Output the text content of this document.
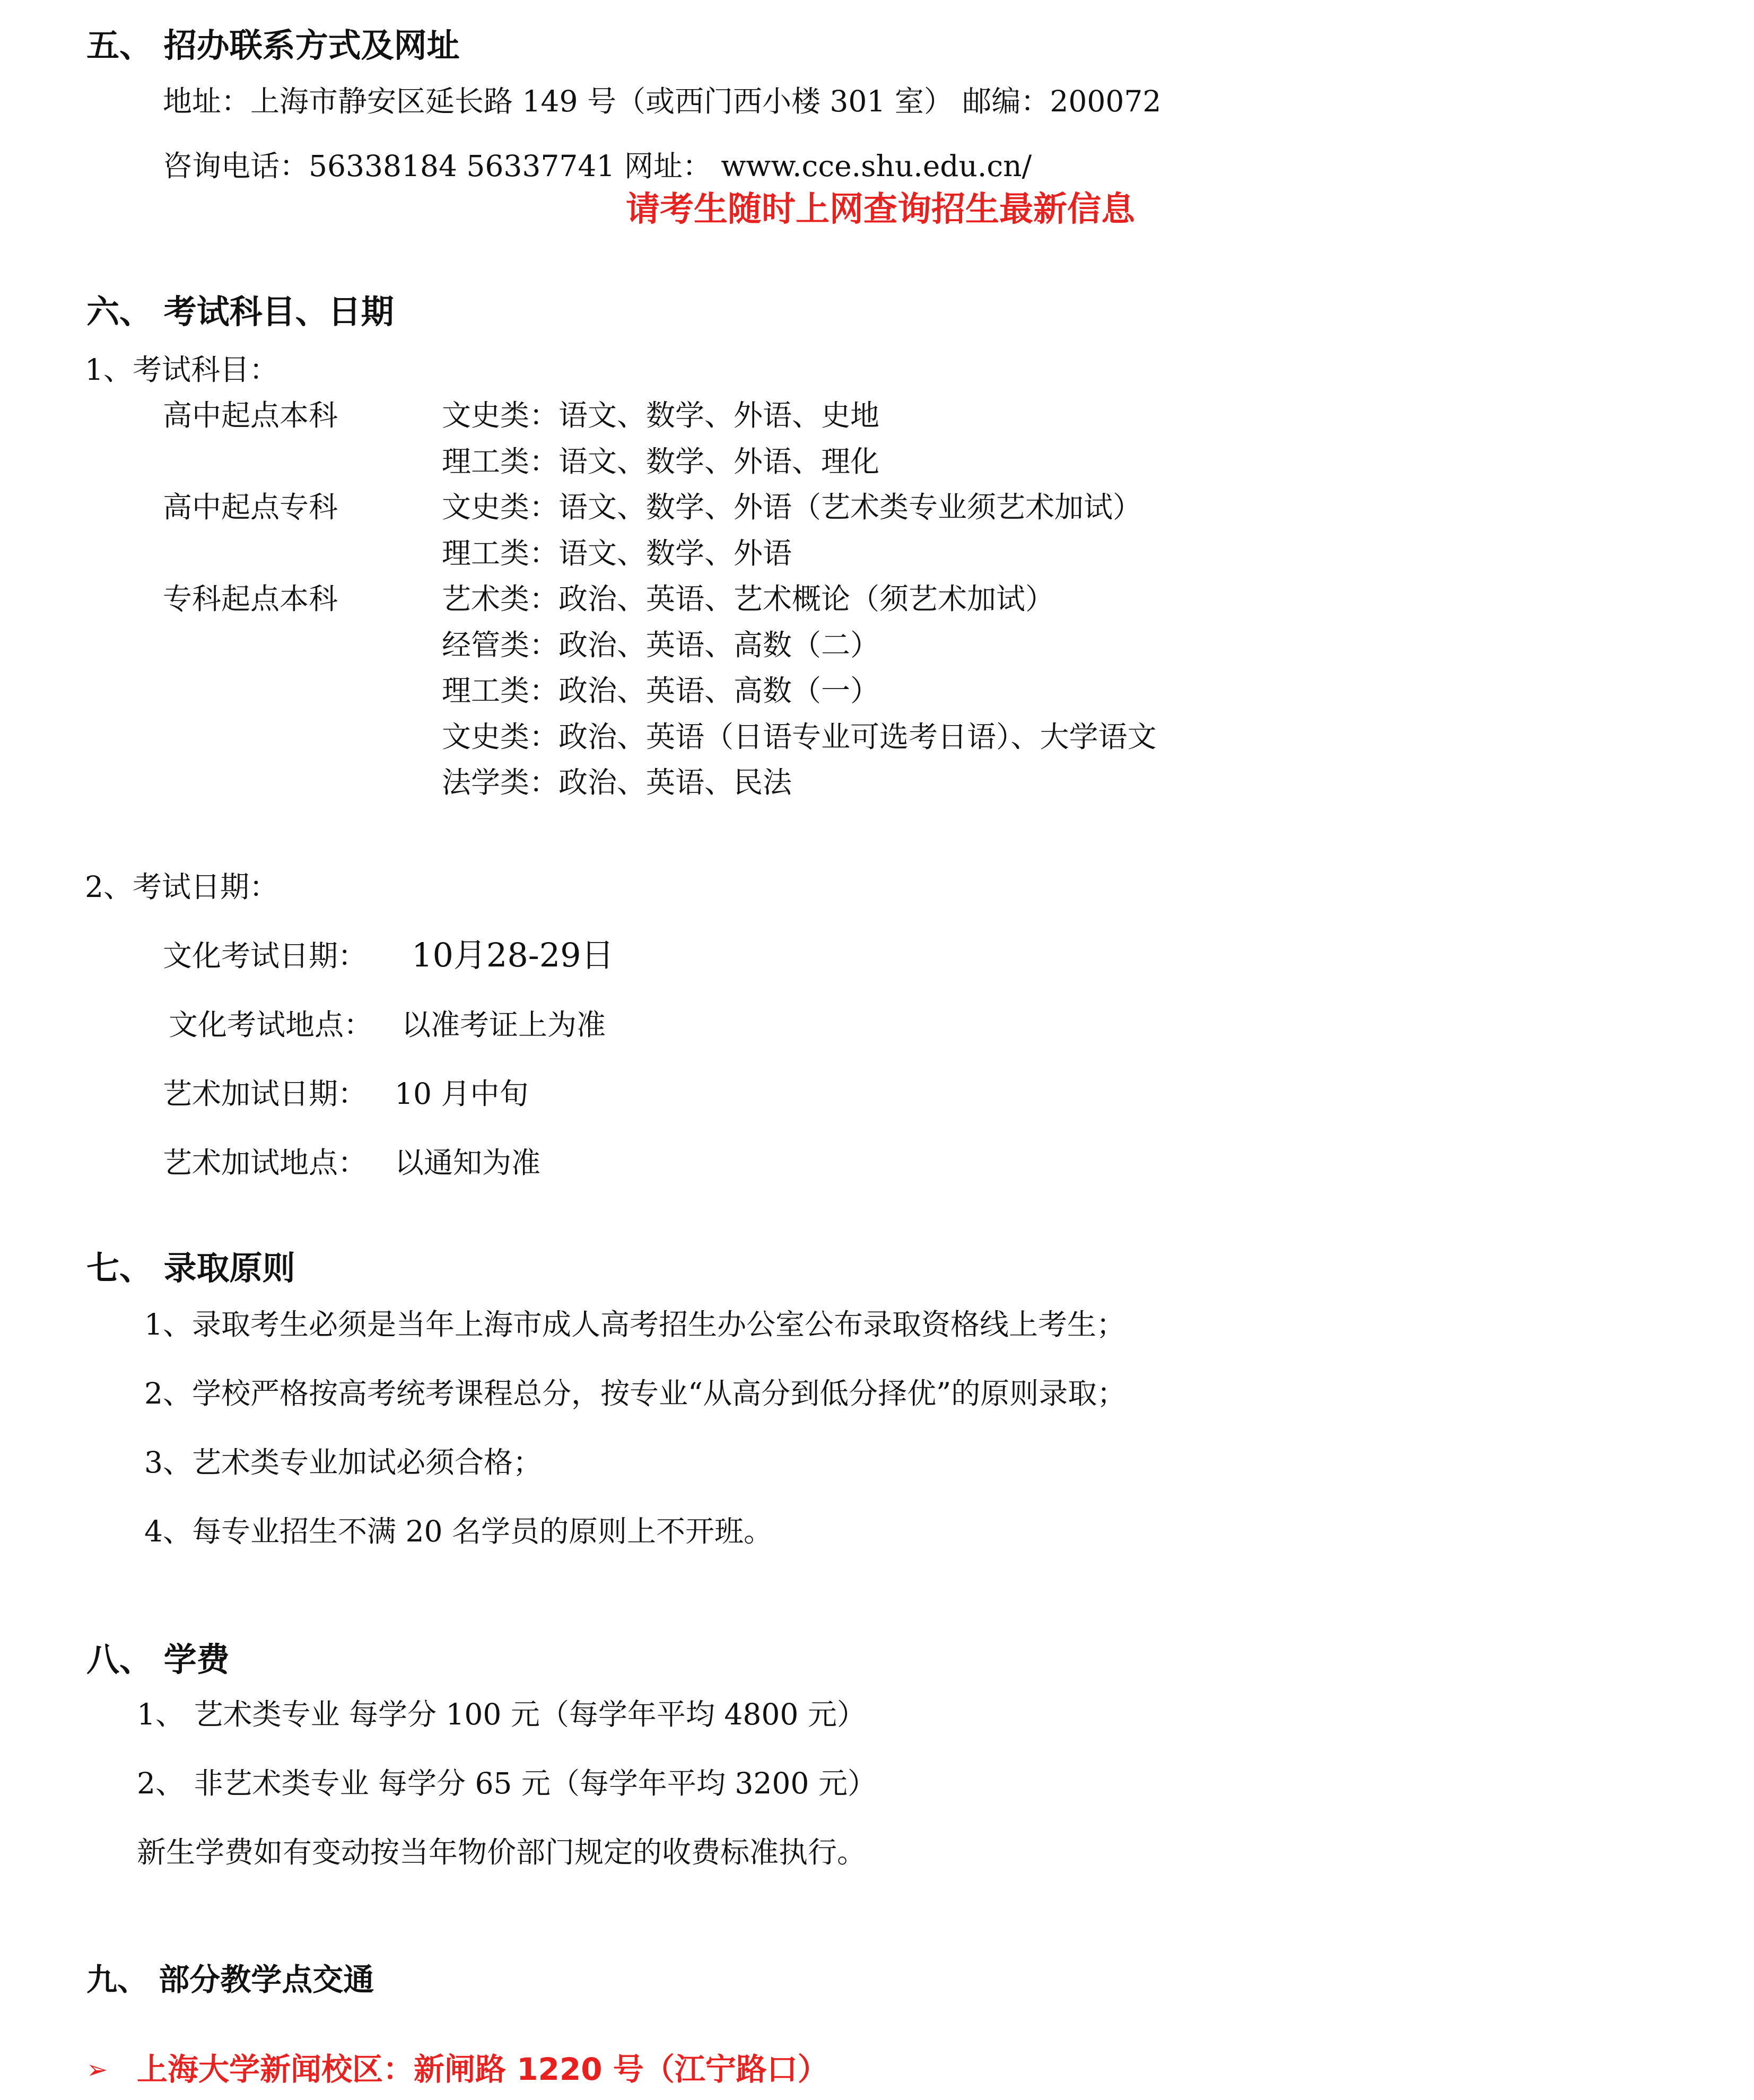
五、 招办联系方式及网址
地址：上海市静安区延长路 149 号（或西门西小楼 301 室） 邮编：200072
咨询电话：56338184 56337741 网址： www.cce.shu.edu.cn/
请考生随时上网查询招生最新信息
六、 考试科目、日期
1、考试科目：
高中起点本科
高中起点专科
专科起点本科
文史类：语文、数学、外语、史地
理工类：语文、数学、外语、理化
文史类：语文、数学、外语（艺术类专业须艺术加试）
理工类：语文、数学、外语
艺术类：政治、英语、艺术概论（须艺术加试）
经管类：政治、英语、高数（二）
理工类：政治、英语、高数（一）
文史类：政治、英语（日语专业可选考日语）、大学语文
法学类：政治、英语、民法
2、考试日期：
文化考试日期： 10月28-29日
文化考试地点： 以准考证上为准
艺术加试日期： 10 月中旬
艺术加试地点： 以通知为准
七、 录取原则
1、录取考生必须是当年上海市成人高考招生办公室公布录取资格线上考生；
2、学校严格按高考统考课程总分，按专业“从高分到低分择优”的原则录取；
3、艺术类专业加试必须合格；
4、每专业招生不满 20 名学员的原则上不开班。
八、 学费
1、 艺术类专业 每学分 100 元（每学年平均 4800 元）
2、 非艺术类专业 每学分 65 元（每学年平均 3200 元）
新生学费如有变动按当年物价部门规定的收费标准执行。
九、 部分教学点交通
➢ 上海大学新闻校区：新闸路 1220 号（江宁路口）
